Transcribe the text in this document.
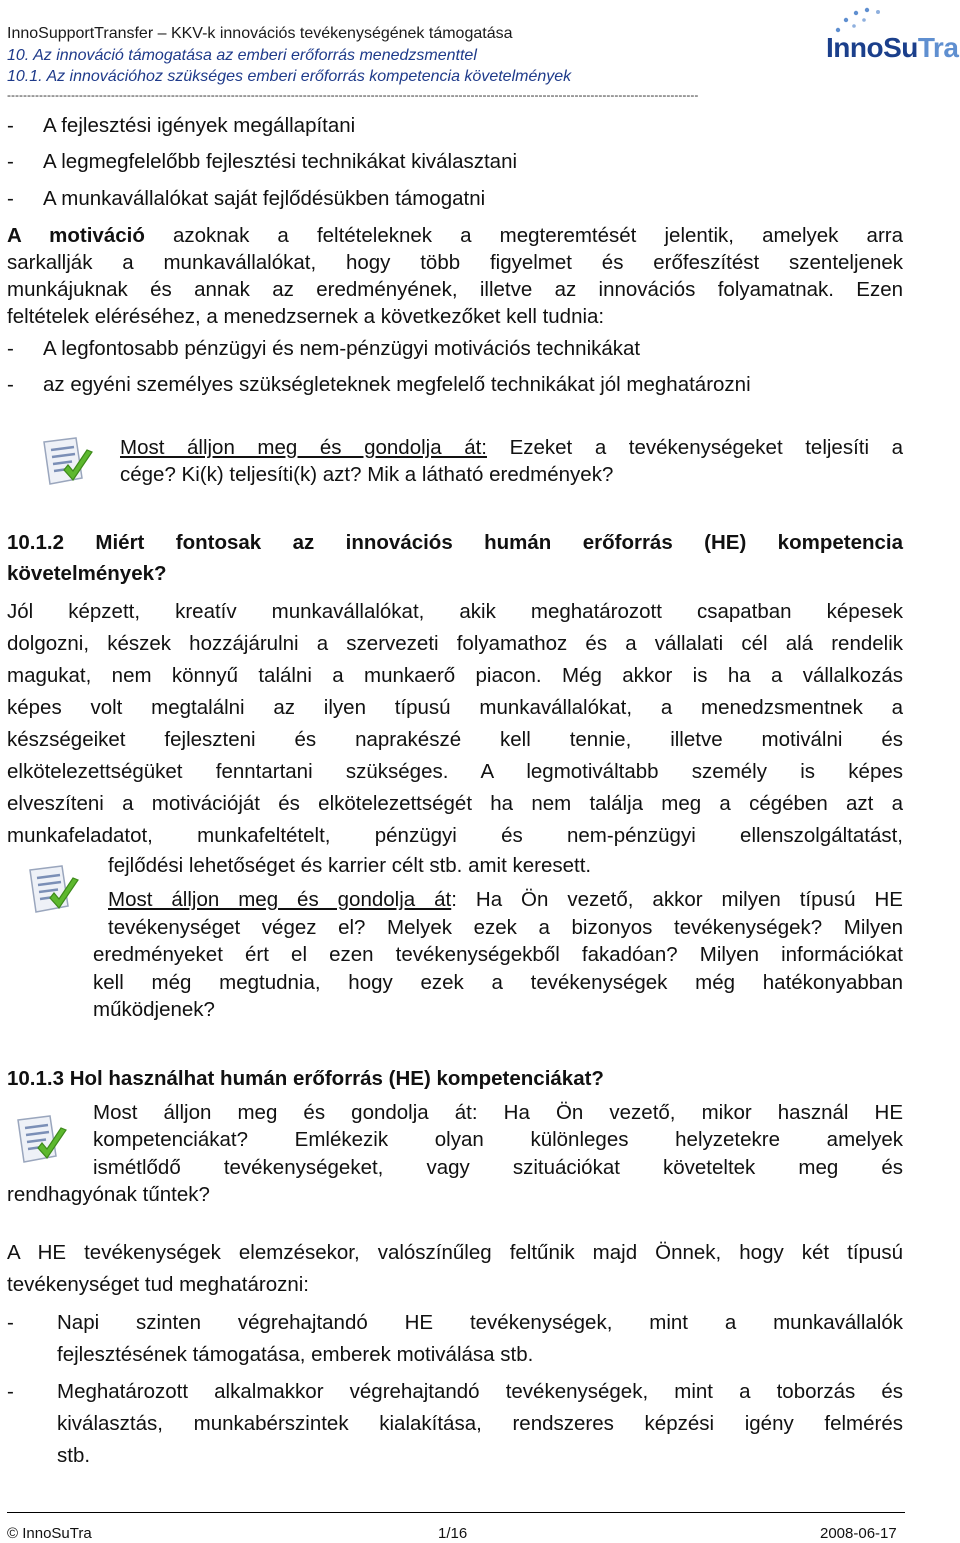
InnoSupportTransfer – KKV-k innovációs tevékenységének támogatása
10. Az innováció támogatása az emberi erőforrás menedzsmenttel
10.1. Az innovációhoz szükséges emberi erőforrás kompetencia követelmények
-----------------------------------------------------------------------------------------------------------------------------------------------------------------------------
InnoSuTra
- A fejlesztési igények megállapítani
- A legmegfelelőbb fejlesztési technikákat kiválasztani
- A munkavállalókat saját fejlődésükben támogatni
A motiváció azoknak a feltételeknek a megteremtését jelentik, amelyek arra
sarkallják a munkavállalókat, hogy több figyelmet és erőfeszítést szenteljenek
munkájuknak és annak az eredményének, illetve az innovációs folyamatnak. Ezen
feltételek eléréséhez, a menedzsernek a következőket kell tudnia:
- A legfontosabb pénzügyi és nem-pénzügyi motivációs technikákat
- az egyéni személyes szükségleteknek megfelelő technikákat jól meghatározni
Most álljon meg és gondolja át: Ezeket a tevékenységeket teljesíti a
cége? Ki(k) teljesíti(k) azt? Mik a látható eredmények?
10.1.2 Miért fontosak az innovációs humán erőforrás (HE) kompetencia
követelmények?
Jól képzett, kreatív munkavállalókat, akik meghatározott csapatban képesek
dolgozni, készek hozzájárulni a szervezeti folyamathoz és a vállalati cél alá rendelik
magukat, nem könnyű találni a munkaerő piacon. Még akkor is ha a vállalkozás
képes volt megtalálni az ilyen típusú munkavállalókat, a menedzsmentnek a
készségeiket fejleszteni és naprakészé kell tennie, illetve motiválni és
elkötelezettségüket fenntartani szükséges. A legmotiváltabb személy is képes
elveszíteni a motivációját és elkötelezettségét ha nem találja meg a cégében azt a
munkafeladatot, munkafeltételt, pénzügyi és nem-pénzügyi ellenszolgáltatást,
fejlődési lehetőséget és karrier célt stb. amit keresett.
Most álljon meg és gondolja át: Ha Ön vezető, akkor milyen típusú HE
tevékenységet végez el? Melyek ezek a bizonyos tevékenységek? Milyen
eredményeket ért el ezen tevékenységekből fakadóan? Milyen információkat
kell még megtudnia, hogy ezek a tevékenységek még hatékonyabban
működjenek?
10.1.3 Hol használhat humán erőforrás (HE) kompetenciákat?
Most álljon meg és gondolja át: Ha Ön vezető, mikor használ HE
kompetenciákat? Emlékezik olyan különleges helyzetekre amelyek
ismétlődő tevékenységeket, vagy szituációkat követeltek meg és
rendhagyónak tűntek?
A HE tevékenységek elemzésekor, valószínűleg feltűnik majd Önnek, hogy két típusú
tevékenységet tud meghatározni:
-	Napi szinten végrehajtandó HE tevékenységek, mint a munkavállalók
fejlesztésének támogatása, emberek motiválása stb.
-	Meghatározott alkalmakkor végrehajtandó tevékenységek, mint a toborzás és
kiválasztás, munkabérszintek kialakítása, rendszeres képzési igény felmérés
stb.
© InnoSuTra	1/16	2008-06-17
